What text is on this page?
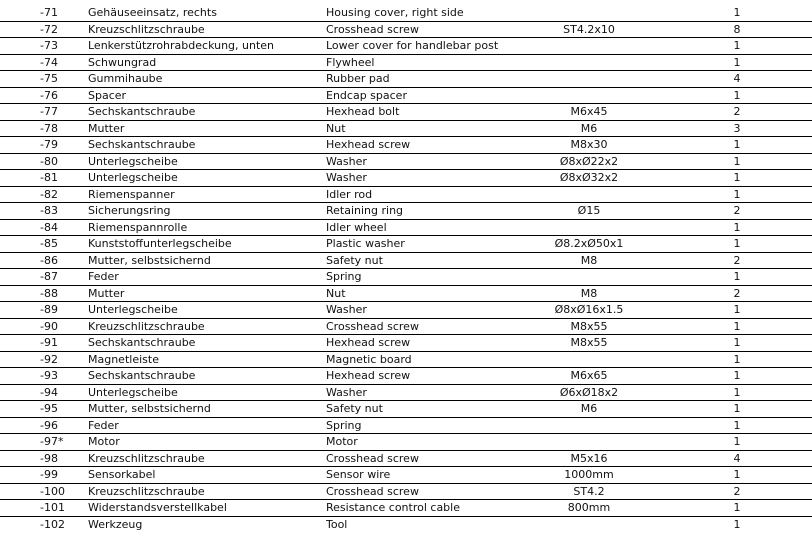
-71	Gehäuseeinsatz, rechts	Housing cover, right side		1
-72	Kreuzschlitzschraube	Crosshead screw	ST4.2x10	8
-73	Lenkerstützrohrabdeckung, unten	Lower cover for handlebar post		1
-74	Schwungrad	Flywheel		1
-75	Gummihaube	Rubber pad		4
-76	Spacer	Endcap spacer		1
-77	Sechskantschraube	Hexhead bolt	M6x45	2
-78	Mutter	Nut	M6	3
-79	Sechskantschraube	Hexhead screw	M8x30	1
-80	Unterlegscheibe	Washer	Ø8xØ22x2	1
-81	Unterlegscheibe	Washer	Ø8xØ32x2	1
-82	Riemenspanner	Idler rod		1
-83	Sicherungsring	Retaining ring	Ø15	2
-84	Riemenspannrolle	Idler wheel		1
-85	Kunststoffunterlegscheibe	Plastic washer	Ø8.2xØ50x1	1
-86	Mutter, selbstsichernd	Safety nut	M8	2
-87	Feder	Spring		1
-88	Mutter	Nut	M8	2
-89	Unterlegscheibe	Washer	Ø8xØ16x1.5	1
-90	Kreuzschlitzschraube	Crosshead screw	M8x55	1
-91	Sechskantschraube	Hexhead screw	M8x55	1
-92	Magnetleiste	Magnetic board		1
-93	Sechskantschraube	Hexhead screw	M6x65	1
-94	Unterlegscheibe	Washer	Ø6xØ18x2	1
-95	Mutter, selbstsichernd	Safety nut	M6	1
-96	Feder	Spring		1
-97*	Motor	Motor		1
-98	Kreuzschlitzschraube	Crosshead screw	M5x16	4
-99	Sensorkabel	Sensor wire	1000mm	1
-100	Kreuzschlitzschraube	Crosshead screw	ST4.2	2
-101	Widerstandsverstellkabel	Resistance control cable	800mm	1
-102	Werkzeug	Tool		1
